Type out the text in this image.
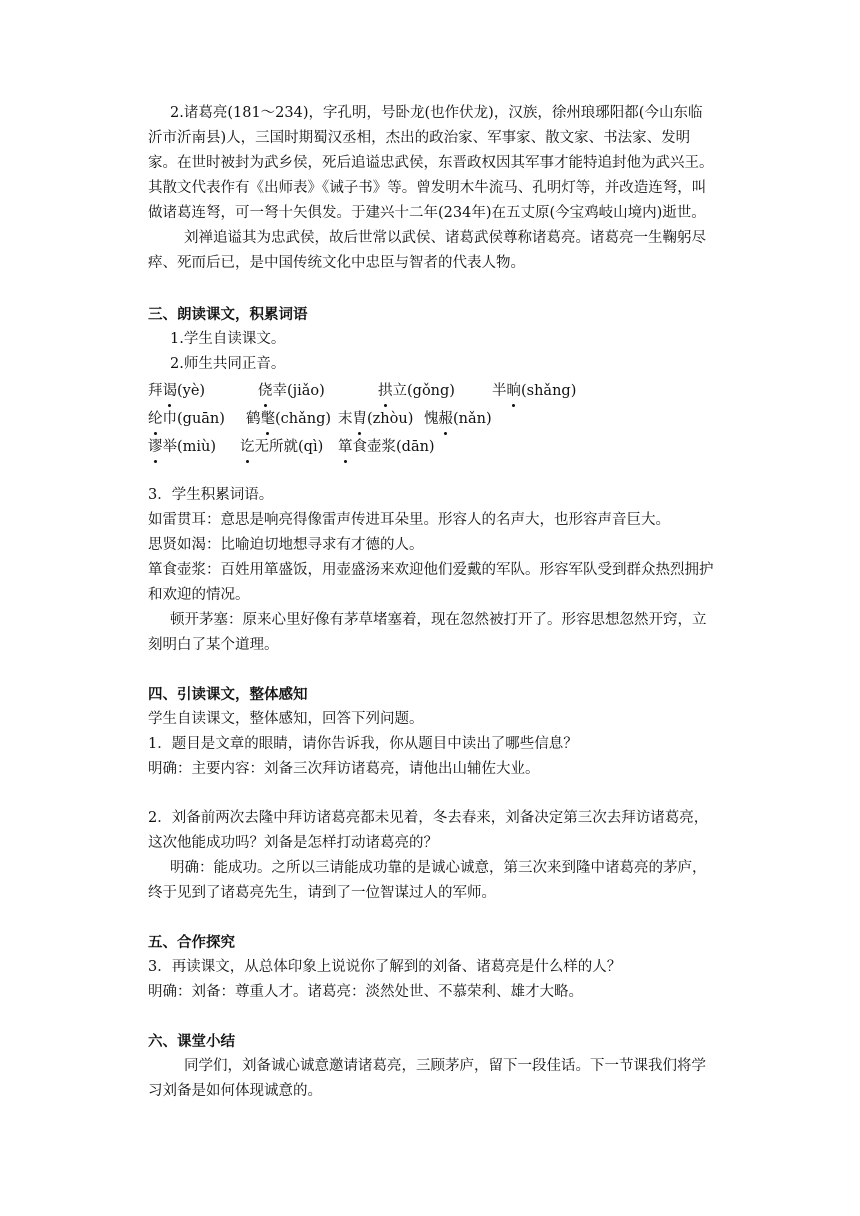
2.诸葛亮(181～234)，字孔明，号卧龙(也作伏龙)，汉族，徐州琅琊阳都(今山东临沂市沂南县)人，三国时期蜀汉丞相，杰出的政治家、军事家、散文家、书法家、发明家。在世时被封为武乡侯，死后追谥忠武侯，东晋政权因其军事才能特追封他为武兴王。其散文代表作有《出师表》《诫子书》等。曾发明木牛流马、孔明灯等，并改造连弩，叫做诸葛连弩，可一弩十矢俱发。于建兴十二年(234年)在五丈原(今宝鸡岐山境内)逝世。

刘禅追谥其为忠武侯，故后世常以武侯、诸葛武侯尊称诸葛亮。诸葛亮一生鞠躬尽瘁、死而后已，是中国传统文化中忠臣与智者的代表人物。

三、朗读课文，积累词语

1.学生自读课文。

2.师生共同正音。

拜谒(yè)	侥幸(jiǎo)	拱立(gǒng)	半晌(shǎng)
纶巾(guān)	鹤氅(chǎng) 末胄(zhòu) 愧赧(nǎn)
谬举(miù)	讫无所就(qì)	箪食壶浆(dān)

3．学生积累词语。

如雷贯耳：意思是响亮得像雷声传进耳朵里。形容人的名声大，也形容声音巨大。

思贤如渴：比喻迫切地想寻求有才德的人。

箪食壶浆：百姓用箪盛饭，用壶盛汤来欢迎他们爱戴的军队。形容军队受到群众热烈拥护和欢迎的情况。

顿开茅塞：原来心里好像有茅草堵塞着，现在忽然被打开了。形容思想忽然开窍，立刻明白了某个道理。

四、引读课文，整体感知

学生自读课文，整体感知，回答下列问题。

1．题目是文章的眼睛，请你告诉我，你从题目中读出了哪些信息？

明确：主要内容：刘备三次拜访诸葛亮，请他出山辅佐大业。

2．刘备前两次去隆中拜访诸葛亮都未见着，冬去春来，刘备决定第三次去拜访诸葛亮，这次他能成功吗？刘备是怎样打动诸葛亮的？

明确：能成功。之所以三请能成功靠的是诚心诚意，第三次来到隆中诸葛亮的茅庐，终于见到了诸葛亮先生，请到了一位智谋过人的军师。

五、合作探究

3．再读课文，从总体印象上说说你了解到的刘备、诸葛亮是什么样的人？

明确：刘备：尊重人才。诸葛亮：淡然处世、不慕荣利、雄才大略。

六、课堂小结

同学们，刘备诚心诚意邀请诸葛亮，三顾茅庐，留下一段佳话。下一节课我们将学习刘备是如何体现诚意的。
